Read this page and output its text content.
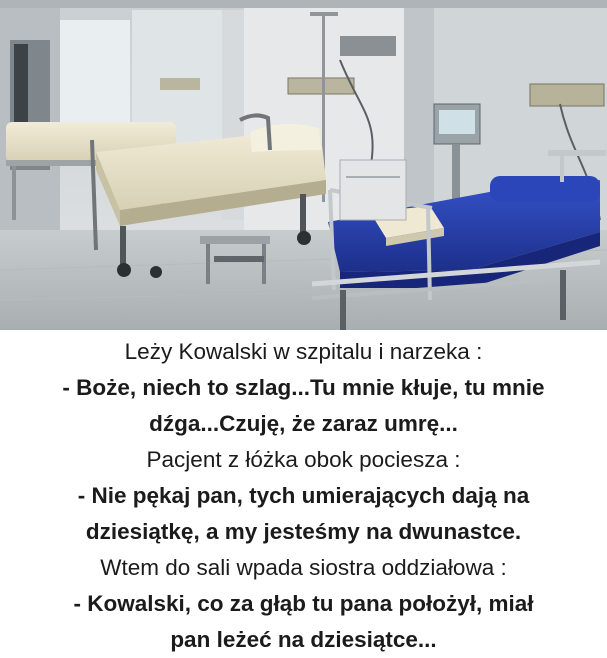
Leży Kowalski w szpitalu i narzeka :
- Boże, niech to szlag...Tu mnie kłuje, tu mnie
dźga...Czuję, że zaraz umrę...
Pacjent z łóżka obok pociesza :
- Nie pękaj pan, tych umierających dają na
dziesiątkę, a my jesteśmy na dwunastce.
Wtem do sali wpada siostra oddziałowa :
- Kowalski, co za głąb tu pana położył, miał
pan leżeć na dziesiątce...
